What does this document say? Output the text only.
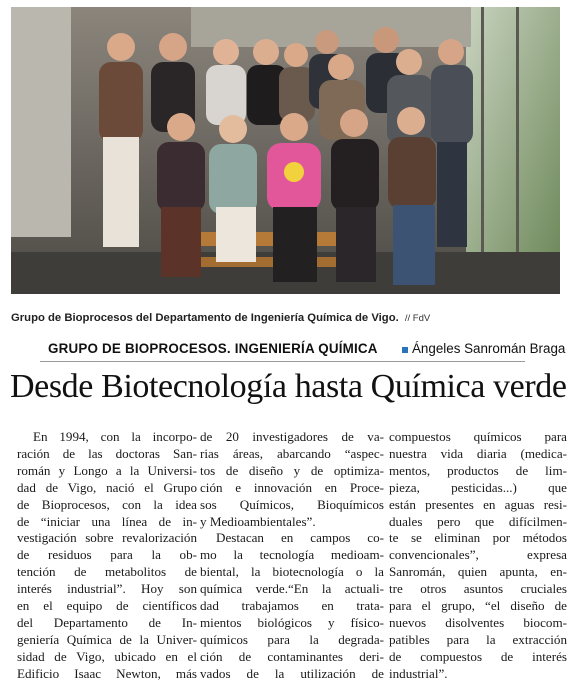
Grupo de Bioprocesos del Departamento de Ingeniería Química de Vigo. // FdV
GRUPO DE BIOPROCESOS. INGENIERÍA QUÍMICA	Ángeles Sanromán Braga
Desde Biotecnología hasta Química verde
En 1994, con la incorpo-
ración de las doctoras San-
román y Longo a la Universi-
dad de Vigo, nació el Grupo
de Bioprocesos, con la idea
de “iniciar una línea de in-
vestigación sobre revalorización
de residuos para la ob-
tención de metabolitos de
interés industrial”. Hoy son
en el equipo de científicos
del Departamento de In-
geniería Química de la Univer-
sidad de Vigo, ubicado en el
Edificio Isaac Newton, más
de 20 investigadores de va-
rias áreas, abarcando “aspec-
tos de diseño y de optimiza-
ción e innovación en Proce-
sos Químicos, Bioquímicos
y Medioambientales”.
Destacan en campos co-
mo la tecnología medioam-
biental, la biotecnología o la
química verde.“En la actuali-
dad trabajamos en trata-
mientos biológicos y físico-
químicos para la degrada-
ción de contaminantes deri-
vados de la utilización de
compuestos químicos para
nuestra vida diaria (medica-
mentos, productos de lim-
pieza, pesticidas...) que
están presentes en aguas resi-
duales pero que difícilmen-
te se eliminan por métodos
convencionales”, expresa
Sanromán, quien apunta, en-
tre otros asuntos cruciales
para el grupo, “el diseño de
nuevos disolventes biocom-
patibles para la extracción
de compuestos de interés
industrial”.
